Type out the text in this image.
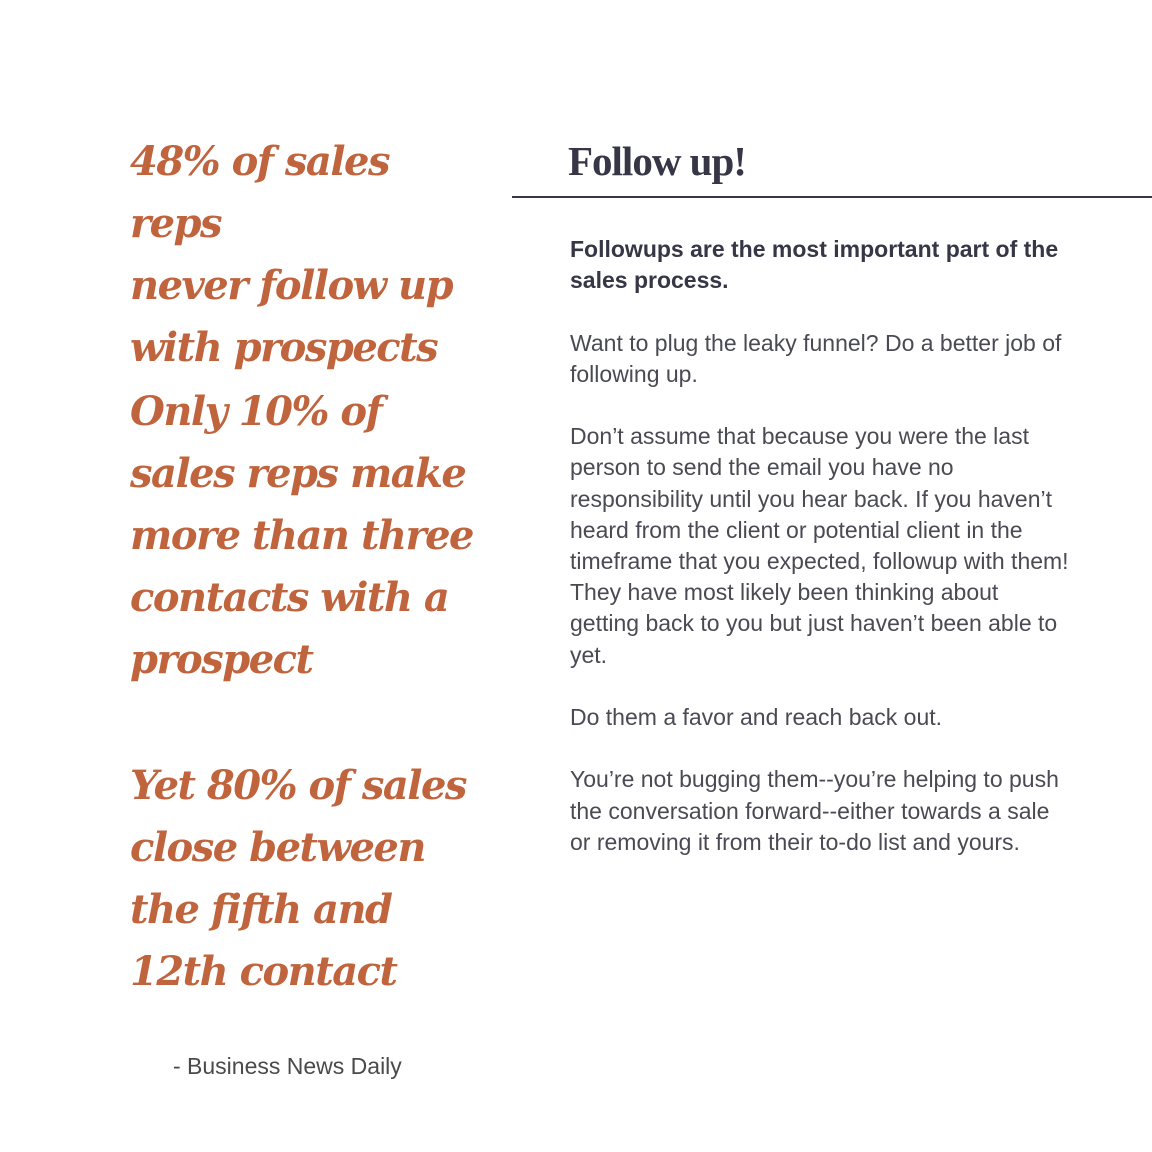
48% of sales reps
never follow up
with prospects

Only 10% of
sales reps make
more than three
contacts with a
prospect

Yet 80% of sales
close between
the fifth and
12th contact

- Business News Daily

Follow up!

Followups are the most important part of the sales process.

Want to plug the leaky funnel? Do a better job of following up.

Don’t assume that because you were the last person to send the email you have no responsibility until you hear back. If you haven’t heard from the client or potential client in the timeframe that you expected, followup with them! They have most likely been thinking about getting back to you but just haven’t been able to yet.

Do them a favor and reach back out.

You’re not bugging them--you’re helping to push the conversation forward--either towards a sale or removing it from their to-do list and yours.
